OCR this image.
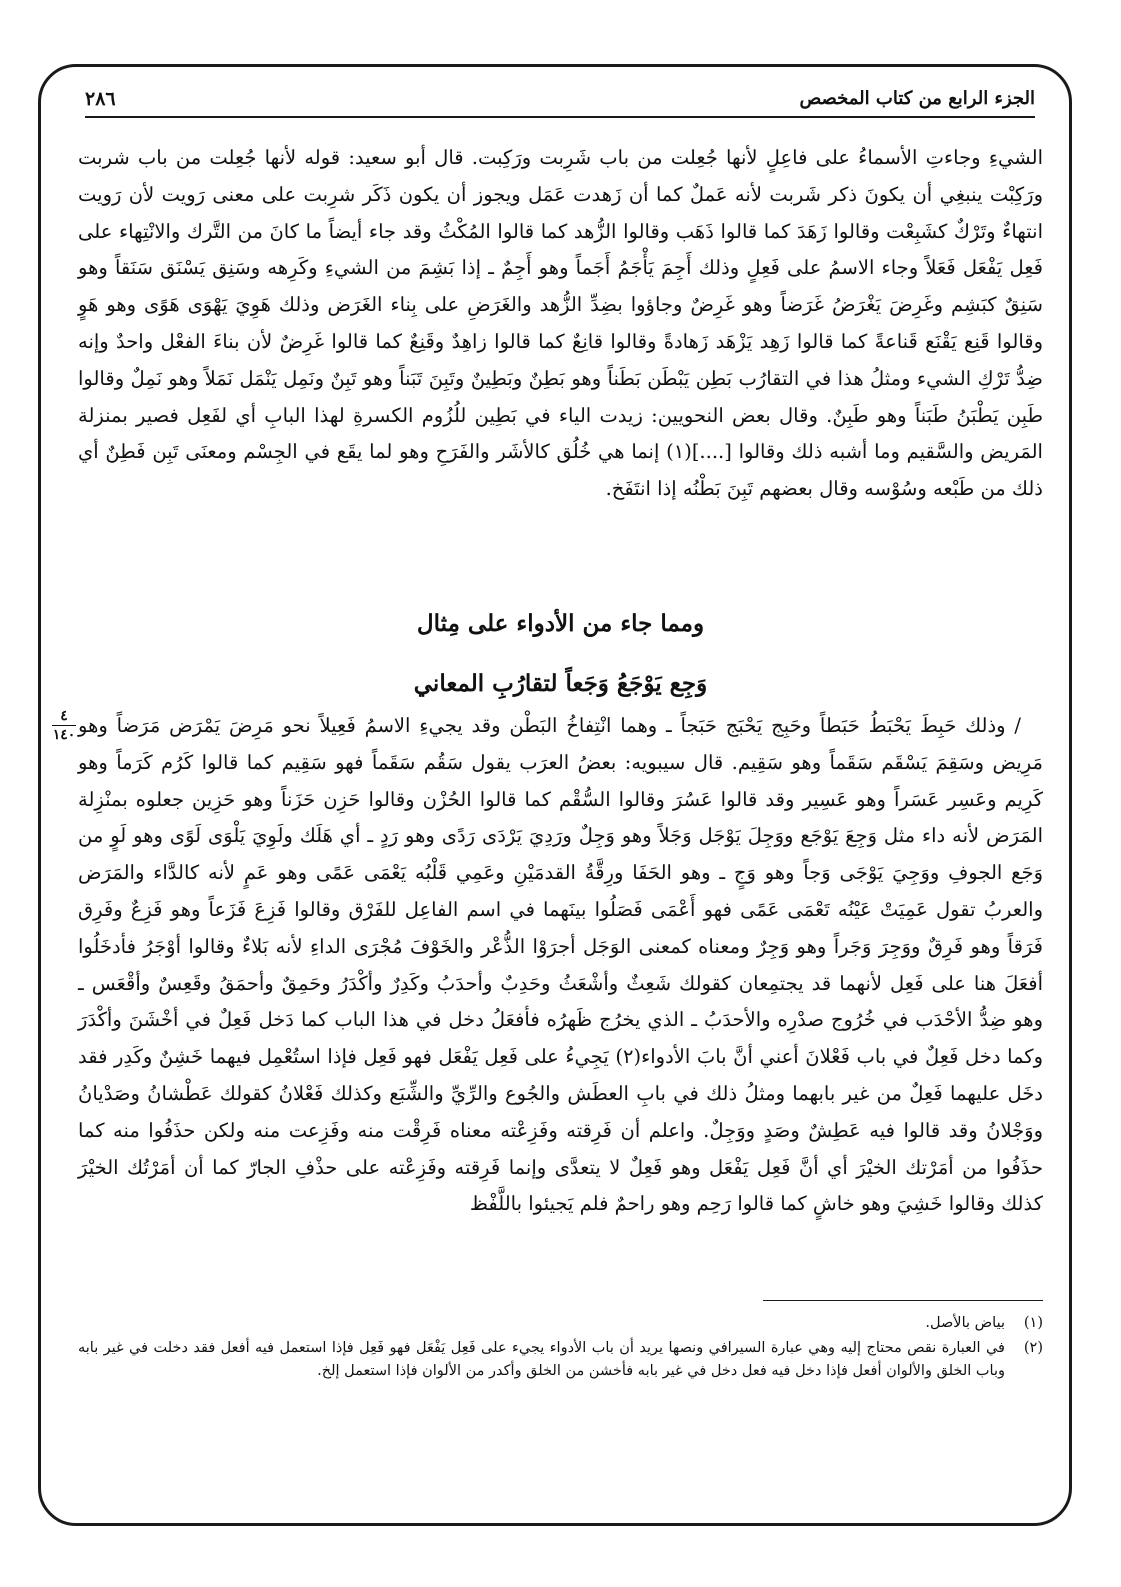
٢٨٦	الجزء الرابع من كتاب المخصص

الشيءِ وجاءتِ الأسماءُ على فاعِلٍ لأنها جُعِلت من باب شَرِبت ورَكِبت. قال أبو سعيد: قوله لأنها جُعِلت من باب شربت ورَكِبْت ينبغِي أن يكونَ ذكر شَربت لأنه عَملٌ كما أن زَهدت عَمَل ويجوز أن يكون ذَكَر شرِبت على معنى رَويت لأن رَويت انتهاءٌ وتَرْكٌ كشَبِعْت وقالوا زَهَدَ كما قالوا ذَهَب وقالوا الزُّهد كما قالوا المُكْثُ وقد جاء أيضاً ما كانَ من التَّرك والانْتِهاء على فَعِل يَفْعَل فَعَلاً وجاء الاسمُ على فَعِلٍ وذلك أَجِمَ يَأْجَمُ أَجَماً وهو أَجِمٌ ـ إذا بَشِمَ من الشيءِ وكَرِهه وسَنِق يَسْنَق سَنَقاً وهو سَنِقٌ كبَشِم وغَرِضَ يَغْرَضُ غَرَضاً وهو غَرِضٌ وجاؤوا بضِدِّ الزُّهد والغَرَضِ على بِناء الغَرَض وذلك هَوِيَ يَهْوَى هَوًى وهو هَوٍ وقالوا قَنِع يَقْنَع قَناعةً كما قالوا زَهِد يَزْهَد زَهادةً وقالوا قانِعٌ كما قالوا زاهِدٌ وقَنِعٌ كما قالوا غَرِضٌ لأن بناءَ الفعْل واحدٌ وإنه ضِدُّ تَرْكِ الشيء ومثلُ هذا في التقارُب بَطِن يَبْطَن بَطَناً وهو بَطِنٌ وبَطِينٌ وتَبِنَ تَبَناً وهو تَبِنٌ ونَمِل يَنْمَل نَمَلاً وهو نَمِلٌ وقالوا طَبِن يَطْبَنُ طَبَناً وهو طَبِنٌ. وقال بعض النحويين: زيدت الياء في بَطِين للُزُوم الكسرةِ لهذا البابِ أي لفَعِل فصير بمنزلة المَريض والسَّقيم وما أشبه ذلك وقالوا [....](١) إنما هي خُلُق كالأشَر والفَرَحِ وهو لما يقَع في الجِسْم ومعنَى تَبِن فَطِنٌ أي ذلك من طَبْعه وسُوْسه وقال بعضهم تَبِنَ بَطْنُه إذا انتَفَخ.

ومما جاء من الأدواء على مِثال
وَجِع يَوْجَعُ وَجَعاً لتقارُبِ المعاني
٤
١٤٠ / وذلك حَبِطَ يَحْبَطُ حَبَطاً وحَبِج يَحْبَج حَبَجاً ـ وهما انْتِفاخُ البَطْن وقد يجيءِ الاسمُ فَعِيلاً نحو مَرِضَ يَمْرَض مَرَضاً وهو مَرِيض وسَقِمَ يَسْقَم سَقَماً وهو سَقِيم. قال سيبويه: بعضُ العرَب يقول سَقُم سَقَماً فهو سَقِيم كما قالوا كَرُم كَرَماً وهو كَرِيم وعَسِر عَسَراً وهو عَسِير وقد قالوا عَسُرَ وقالوا السُّقْم كما قالوا الحُزْن وقالوا حَزِن حَزَناً وهو حَزِين جعلوه بمنْزِلة المَرَض لأنه داء مثل وَجِعَ يَوْجَع ووَجِلَ يَوْجَل وَجَلاً وهو وَجِلٌ ورَدِيَ يَرْدَى رَدًى وهو رَدٍ ـ أي هَلَك ولَوِيَ يَلْوَى لَوًى وهو لَوٍ من وَجَع الجوفِ ووَجِيَ يَوْجَى وَجاً وهو وَجٍ ـ وهو الحَفَا ورِقَّةُ القدمَيْنِ وعَمِي قَلْبُه يَعْمَى عَمًى وهو عَمٍ لأنه كالدَّاء والمَرَض والعربُ تقول عَمِيَتْ عَيْنُه تَعْمَى عَمًى فهو أَعْمَى فَصَلُوا بينَهما في اسم الفاعِل للفَرْق وقالوا فَزِعَ فَزَعاً وهو فَزِعٌ وفَرِق فَرَقاً وهو فَرِقٌ ووَجِرَ وَجَراً وهو وَجِرٌ ومعناه كمعنى الوَجَل أجرَوْا الذُّعْر والخَوْفَ مُجْرَى الداءِ لأنه بَلاءٌ وقالوا أوْجَرُ فأدخَلُوا أفعَلَ هنا على فَعِل لأنهما قد يجتمِعان كقولك شَعِثٌ وأشْعَثُ وحَدِبٌ وأحدَبُ وكَدِرٌ وأكْدَرُ وحَمِقٌ وأحمَقُ وقَعِسٌ وأقْعَس ـ وهو ضِدُّ الأحْدَب في خُرُوج صدْرِه والأحدَبُ ـ الذي يخرُج ظَهرُه فأفعَلُ دخل في هذا الباب كما دَخل فَعِلٌ في أخْشَنَ وأكْدَرَ وكما دخل فَعِلٌ في باب فَعْلانَ أعني أنَّ بابَ الأدواء(٢) يَجِيءُ على فَعِل يَفْعَل فهو فَعِل فإذا استُعْمِل فيهما خَشِنٌ وكَدِر فقد دخَل عليهما فَعِلٌ من غير بابهما ومثلُ ذلك في بابِ العطَش والجُوع والرِّيِّ والشِّبَع وكذلك فَعْلانُ كقولك عَطْشانُ وصَدْيانُ ووَجْلانُ وقد قالوا فيه عَطِشٌ وصَدٍ ووَجِلٌ. واعلم أن فَرِقته وفَزِعْته معناه فَرِقْت منه وفَزِعت منه ولكن حذَفُوا منه كما حذَفُوا من أمَرْتك الخيْرَ أي أنَّ فَعِل يَفْعَل وهو فَعِلٌ لا يتعدَّى وإنما فَرِقته وفَزِعْته على حذْفِ الجارّ كما أن أمَرْتُك الخيْرَ كذلك وقالوا خَشِيَ وهو خاشٍ كما قالوا رَحِم وهو راحمٌ فلم يَجيئوا باللَّفْظ

(١)
بياض بالأصل.
(٢)
في العبارة نقص محتاج إليه وهي عبارة السيرافي ونصها يريد أن باب الأدواء يجيء على فَعِل يَفْعَل فهو فَعِل فإذا استعمل فيه أفعل فقد دخلت في غير بابه وباب الخلق والألوان أفعل فإذا دخل فيه فعل دخل في غير بابه فأخشن من الخلق وأكدر من الألوان فإذا استعمل إلخ.
